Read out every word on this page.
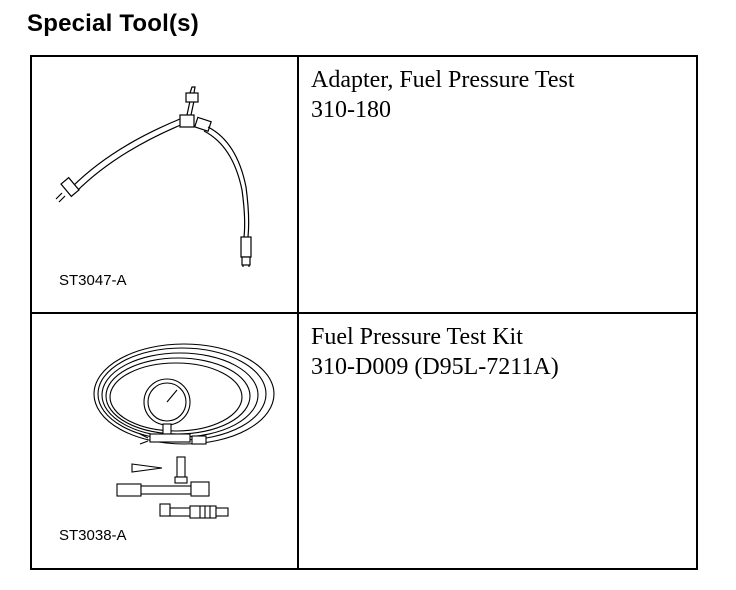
Special Tool(s)
ST3047-A
Adapter, Fuel Pressure Test
310-180
ST3038-A
Fuel Pressure Test Kit
310-D009 (D95L-7211A)
